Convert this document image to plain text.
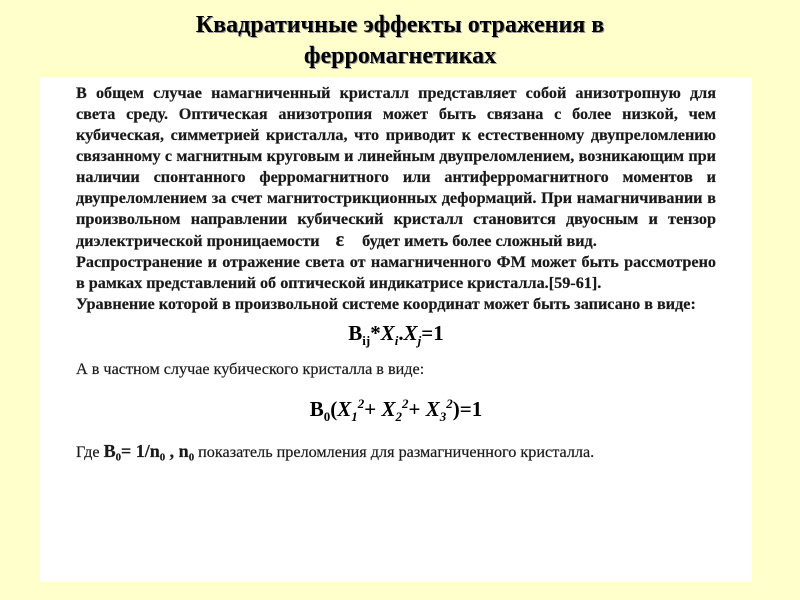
Квадратичные эффекты отражения в
ферромагнетиках

В общем случае намагниченный кристалл представляет собой анизотропную для света среду. Оптическая анизотропия может быть связана с более низкой, чем кубическая, симметрией кристалла, что приводит к естественному двупреломлению связанному с магнитным круговым и линейным двупреломлением, возникающим при наличии спонтанного ферромагнитного или антиферромагнитного моментов и двупреломлением за счет магнитострикционных деформаций. При намагничивании в произвольном направлении кубический кристалл становится двуосным и тензор диэлектрической проницаемости ε будет иметь более сложный вид.

Распространение и отражение света от намагниченного ФМ может быть рассмотрено в рамках представлений об оптической индикатрисе кристалла.[59-61].

Уравнение которой в произвольной системе координат может быть записано в виде:

$B_{ij}*X_i.X_j=1$

А в частном случае кубического кристалла в виде:

$B_0(X_1^2+ X_2^2+ X_3^2)=1$

Где B₀= 1/n₀ , n₀ показатель преломления для размагниченного кристалла.
